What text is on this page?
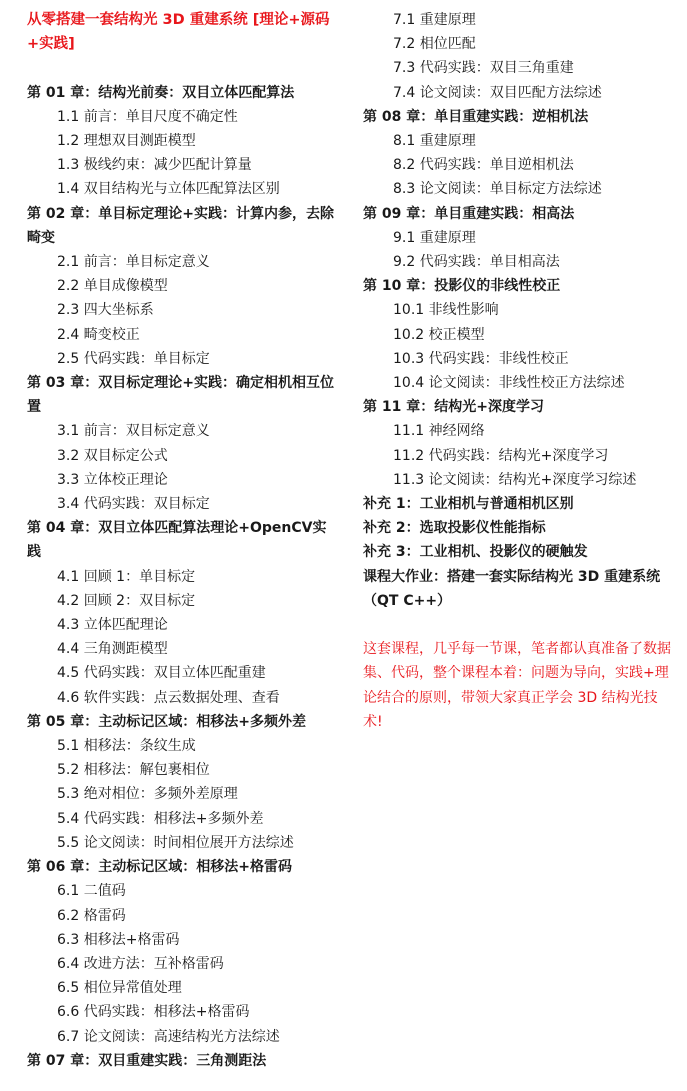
从零搭建一套结构光 3D 重建系统 [理论+源码+实践]
第 01 章：结构光前奏：双目立体匹配算法
1.1 前言：单目尺度不确定性
1.2 理想双目测距模型
1.3 极线约束：减少匹配计算量
1.4 双目结构光与立体匹配算法区别
第 02 章：单目标定理论+实践：计算内参，去除畸变
2.1 前言：单目标定意义
2.2 单目成像模型
2.3 四大坐标系
2.4 畸变校正
2.5 代码实践：单目标定
第 03 章：双目标定理论+实践：确定相机相互位置
3.1 前言：双目标定意义
3.2 双目标定公式
3.3 立体校正理论
3.4 代码实践：双目标定
第 04 章：双目立体匹配算法理论+OpenCV实践
4.1 回顾 1：单目标定
4.2 回顾 2：双目标定
4.3 立体匹配理论
4.4 三角测距模型
4.5 代码实践：双目立体匹配重建
4.6 软件实践：点云数据处理、查看
第 05 章：主动标记区域：相移法+多频外差
5.1 相移法：条纹生成
5.2 相移法：解包裹相位
5.3 绝对相位：多频外差原理
5.4 代码实践：相移法+多频外差
5.5 论文阅读：时间相位展开方法综述
第 06 章：主动标记区域：相移法+格雷码
6.1 二值码
6.2 格雷码
6.3 相移法+格雷码
6.4 改进方法：互补格雷码
6.5 相位异常值处理
6.6 代码实践：相移法+格雷码
6.7 论文阅读：高速结构光方法综述
第 07 章：双目重建实践：三角测距法
7.1 重建原理
7.2 相位匹配
7.3 代码实践：双目三角重建
7.4 论文阅读：双目匹配方法综述
第 08 章：单目重建实践：逆相机法
8.1 重建原理
8.2 代码实践：单目逆相机法
8.3 论文阅读：单目标定方法综述
第 09 章：单目重建实践：相高法
9.1 重建原理
9.2 代码实践：单目相高法
第 10 章：投影仪的非线性校正
10.1 非线性影响
10.2 校正模型
10.3 代码实践：非线性校正
10.4 论文阅读：非线性校正方法综述
第 11 章：结构光+深度学习
11.1 神经网络
11.2 代码实践：结构光+深度学习
11.3 论文阅读：结构光+深度学习综述
补充 1：工业相机与普通相机区别
补充 2：选取投影仪性能指标
补充 3：工业相机、投影仪的硬触发
课程大作业：搭建一套实际结构光 3D 重建系统（QT C++）
这套课程，几乎每一节课，笔者都认真准备了数据集、代码，整个课程本着：问题为导向，实践+理论结合的原则，带领大家真正学会 3D 结构光技术!
